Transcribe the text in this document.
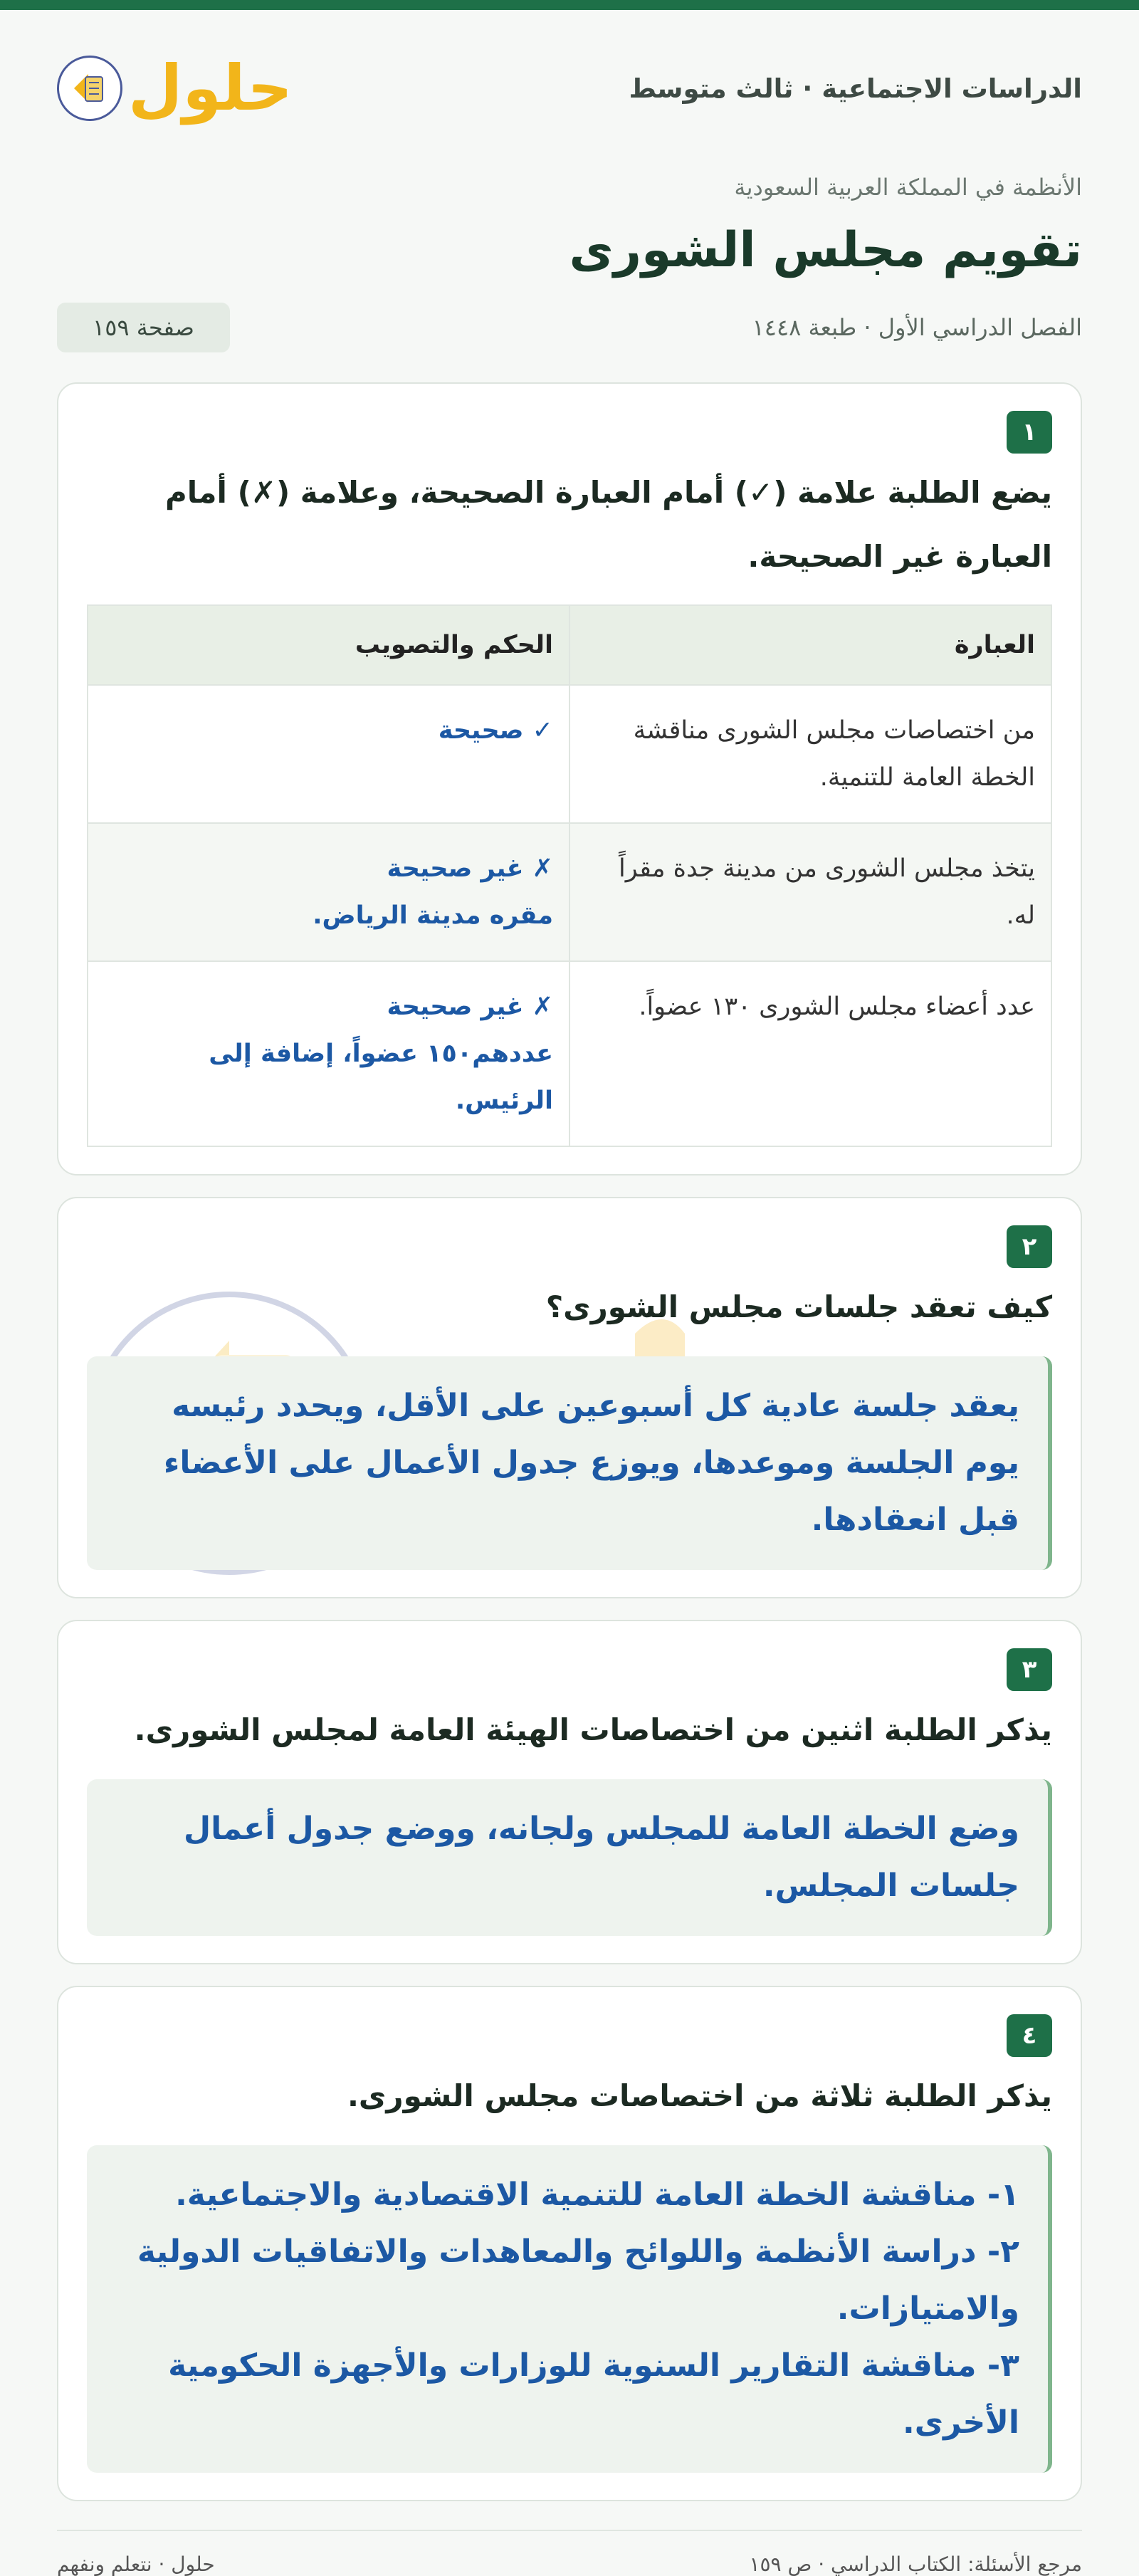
الدراسات الاجتماعية · ثالث متوسط
حلول
الأنظمة في المملكة العربية السعودية
تقويم مجلس الشورى
الفصل الدراسي الأول · طبعة ١٤٤٨
صفحة ١٥٩
١
يضع الطلبة علامة (✓) أمام العبارة الصحيحة، وعلامة (✗) أمام العبارة غير الصحيحة.
العبارة	الحكم والتصويب
من اختصاصات مجلس الشورى مناقشة الخطة العامة للتنمية.	✓ صحيحة

يتخذ مجلس الشورى من مدينة جدة مقراً له.	✗ غير صحيحة
مقره مدينة الرياض.

عدد أعضاء مجلس الشورى ١٣٠ عضواً.	✗ غير صحيحة
عددهم١٥٠ عضواً، إضافة إلى الرئيس.
٢
كيف تعقد جلسات مجلس الشورى؟
يعقد جلسة عادية كل أسبوعين على الأقل، ويحدد رئيسه يوم الجلسة وموعدها، ويوزع جدول الأعمال على الأعضاء قبل انعقادها.
٣
يذكر الطلبة اثنين من اختصاصات الهيئة العامة لمجلس الشورى.
وضع الخطة العامة للمجلس ولجانه، ووضع جدول أعمال جلسات المجلس.
٤
يذكر الطلبة ثلاثة من اختصاصات مجلس الشورى.
١- مناقشة الخطة العامة للتنمية الاقتصادية والاجتماعية.
٢- دراسة الأنظمة واللوائح والمعاهدات والاتفاقيات الدولية والامتيازات.
٣- مناقشة التقارير السنوية للوزارات والأجهزة الحكومية الأخرى.
مرجع الأسئلة: الكتاب الدراسي · ص ١٥٩
حلول · نتعلم ونفهم
